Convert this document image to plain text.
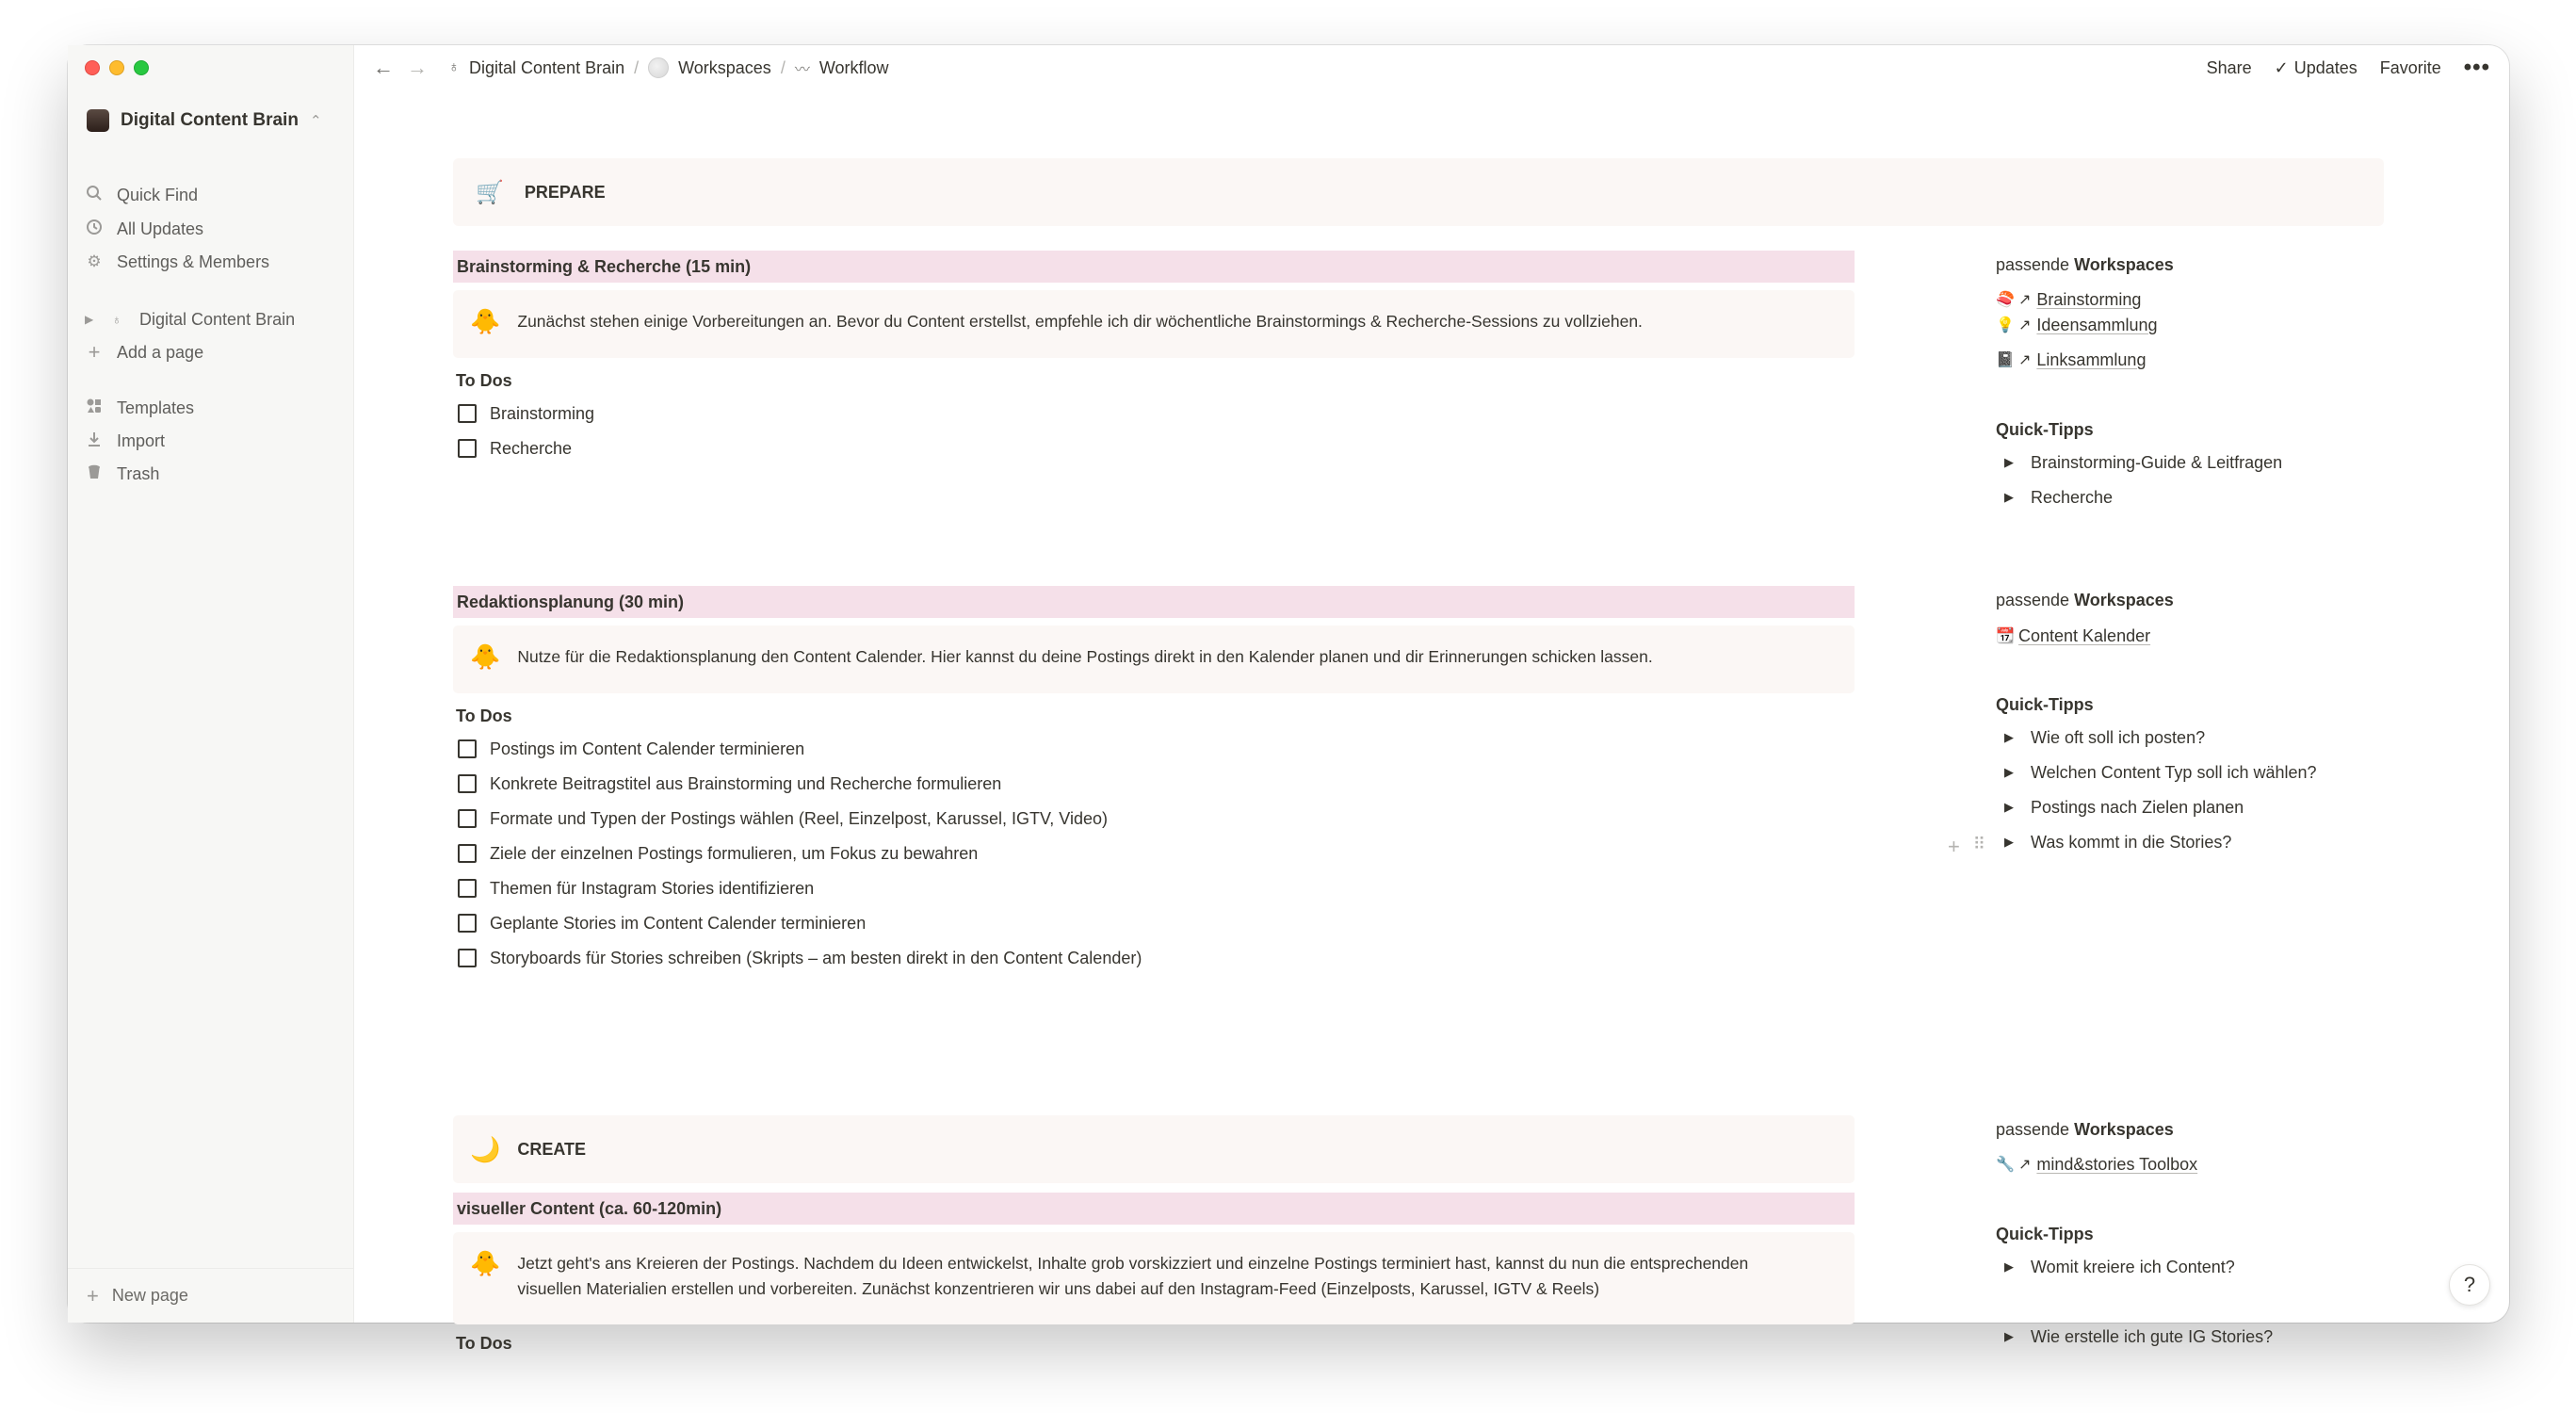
Digital Content Brain ⌃
Quick Find
All Updates
⚙ Settings & Members
▶	♁ Digital Content Brain
+ Add a page
Templates
Import
Trash
+ New page
← → ♁ Digital Content Brain / Workspaces / 〰 Workflow	Share ✓ Updates Favorite •••
🛒 PREPARE
Brainstorming & Recherche (15 min)
🐥 Zunächst stehen einige Vorbereitungen an. Bevor du Content erstellst, empfehle ich dir wöchentliche Brainstormings & Recherche-Sessions zu vollziehen.
To Dos
Brainstorming
Recherche
passende Workspaces
🍣 ↗ Brainstorming
💡 ↗ Ideensammlung
📓 ↗ Linksammlung
Quick-Tipps
▶ Brainstorming-Guide & Leitfragen
▶ Recherche
Redaktionsplanung (30 min)
🐥 Nutze für die Redaktionsplanung den Content Calender. Hier kannst du deine Postings direkt in den Kalender planen und dir Erinnerungen schicken lassen.
To Dos
Postings im Content Calender terminieren
Konkrete Beitragstitel aus Brainstorming und Recherche formulieren
Formate und Typen der Postings wählen (Reel, Einzelpost, Karussel, IGTV, Video)
Ziele der einzelnen Postings formulieren, um Fokus zu bewahren
Themen für Instagram Stories identifizieren
Geplante Stories im Content Calender terminieren
Storyboards für Stories schreiben (Skripts – am besten direkt in den Content Calender)
passende Workspaces
📆 Content Kalender
Quick-Tipps
▶ Wie oft soll ich posten?
▶ Welchen Content Typ soll ich wählen?
▶ Postings nach Zielen planen
+ ⠿ ▶ Was kommt in die Stories?
🌙 CREATE
visueller Content (ca. 60-120min)
🐥 Jetzt geht's ans Kreieren der Postings. Nachdem du Ideen entwickelst, Inhalte grob vorskizziert und einzelne Postings terminiert hast, kannst du nun die entsprechenden
visuellen Materialien erstellen und vorbereiten. Zunächst konzentrieren wir uns dabei auf den Instagram-Feed (Einzelposts, Karussel, IGTV & Reels)
To Dos
passende Workspaces
🔧 ↗ mind&stories Toolbox
Quick-Tipps
▶ Womit kreiere ich Content?
▶ Wie erstelle ich gute IG Stories?
?
